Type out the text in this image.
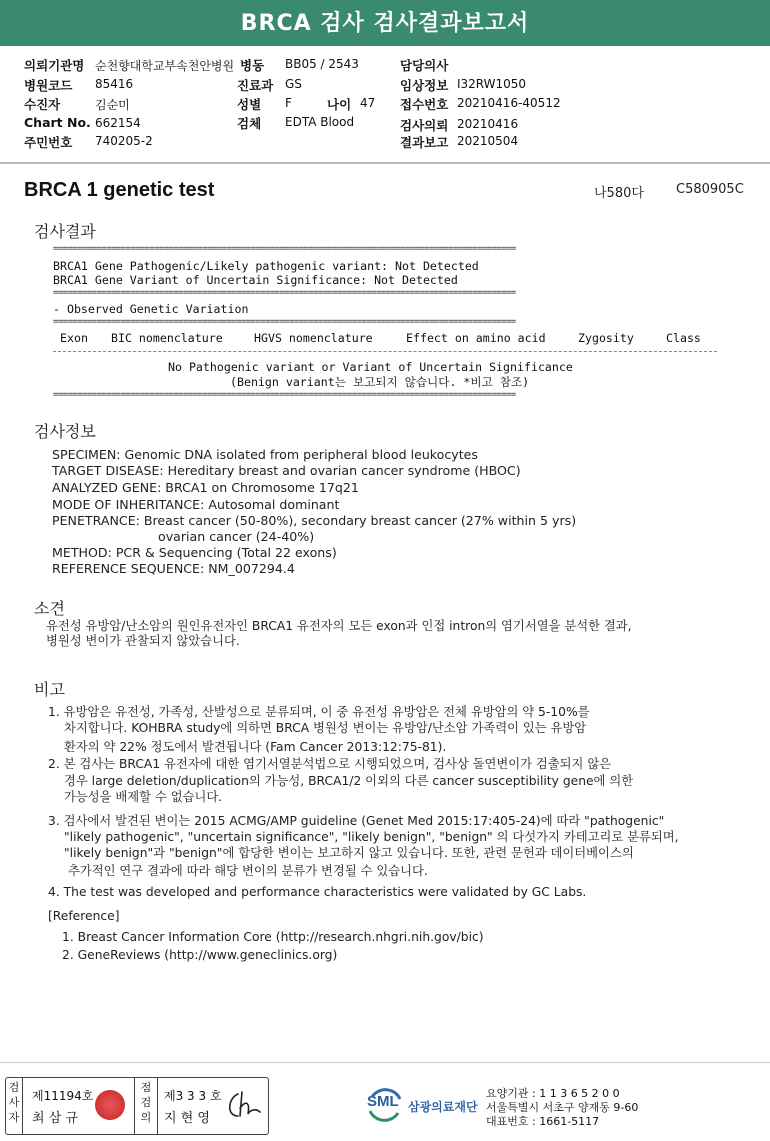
BRCA 검사 검사결과보고서
의뢰기관명 순천향대학교부속천안병원
병원코드 85416
수진자	김순미
Chart No. 662154
주민번호 740205-2
병동 BB05 / 2543
진료과 GS
성별 F	나이 47
검체 EDTA Blood
담당의사
임상정보 I32RW1050
접수번호 20210416-40512
검사의뢰 20210416
결과보고 20210504
BRCA 1 genetic test	나580다 C580905C
검사결과
================================================================================================
BRCA1 Gene Pathogenic/Likely pathogenic variant: Not Detected
BRCA1 Gene Variant of Uncertain Significance: Not Detected
================================================================================================
- Observed Genetic Variation
================================================================================================
Exon BIC nomenclature	HGVS nomenclature	Effect on amino acid	Zygosity	Class
No Pathogenic variant or Variant of Uncertain Significance
(Benign variant는 보고되지 않습니다. *비고 참조)
================================================================================================
검사정보
SPECIMEN: Genomic DNA isolated from peripheral blood leukocytes
TARGET DISEASE: Hereditary breast and ovarian cancer syndrome (HBOC)
ANALYZED GENE: BRCA1 on Chromosome 17q21
MODE OF INHERITANCE: Autosomal dominant
PENETRANCE: Breast cancer (50-80%), secondary breast cancer (27% within 5 yrs)
ovarian cancer (24-40%)
METHOD: PCR & Sequencing (Total 22 exons)
REFERENCE SEQUENCE: NM_007294.4
소견
유전성 유방암/난소암의 원인유전자인 BRCA1 유전자의 모든 exon과 인접 intron의 염기서열을 분석한 결과,
병원성 변이가 관찰되지 않았습니다.
비고
1. 유방암은 유전성, 가족성, 산발성으로 분류되며, 이 중 유전성 유방암은 전체 유방암의 약 5-10%를
차지합니다. KOHBRA study에 의하면 BRCA 병원성 변이는 유방암/난소암 가족력이 있는 유방암
환자의 약 22% 정도에서 발견됩니다 (Fam Cancer 2013:12:75-81).
2. 본 검사는 BRCA1 유전자에 대한 염기서열분석법으로 시행되었으며, 검사상 돌연변이가 검출되지 않은
경우 large deletion/duplication의 가능성, BRCA1/2 이외의 다른 cancer susceptibility gene에 의한
가능성을 배제할 수 없습니다.
3. 검사에서 발견된 변이는 2015 ACMG/AMP guideline (Genet Med 2015:17:405-24)에 따라 "pathogenic"
"likely pathogenic", "uncertain significance", "likely benign", "benign" 의 다섯가지 카테고리로 분류되며,
"likely benign"과 "benign"에 합당한 변이는 보고하지 않고 있습니다. 또한, 관련 문헌과 데이터베이스의
추가적인 연구 결과에 따라 해당 변이의 분류가 변경될 수 있습니다.
4. The test was developed and performance characteristics were validated by GC Labs.
[Reference]
1. Breast Cancer Information Core (http://research.nhgri.nih.gov/bic)
2. GeneReviews (http://www.geneclinics.org)
검
사
자
제11194호
최 삼 규
점
검
의
제3 3 3 호
지 현 영
SML 삼광의료재단
요양기관 : 1 1 3 6 5 2 0 0
서울특별시 서초구 양재동 9-60
대표번호 : 1661-5117
